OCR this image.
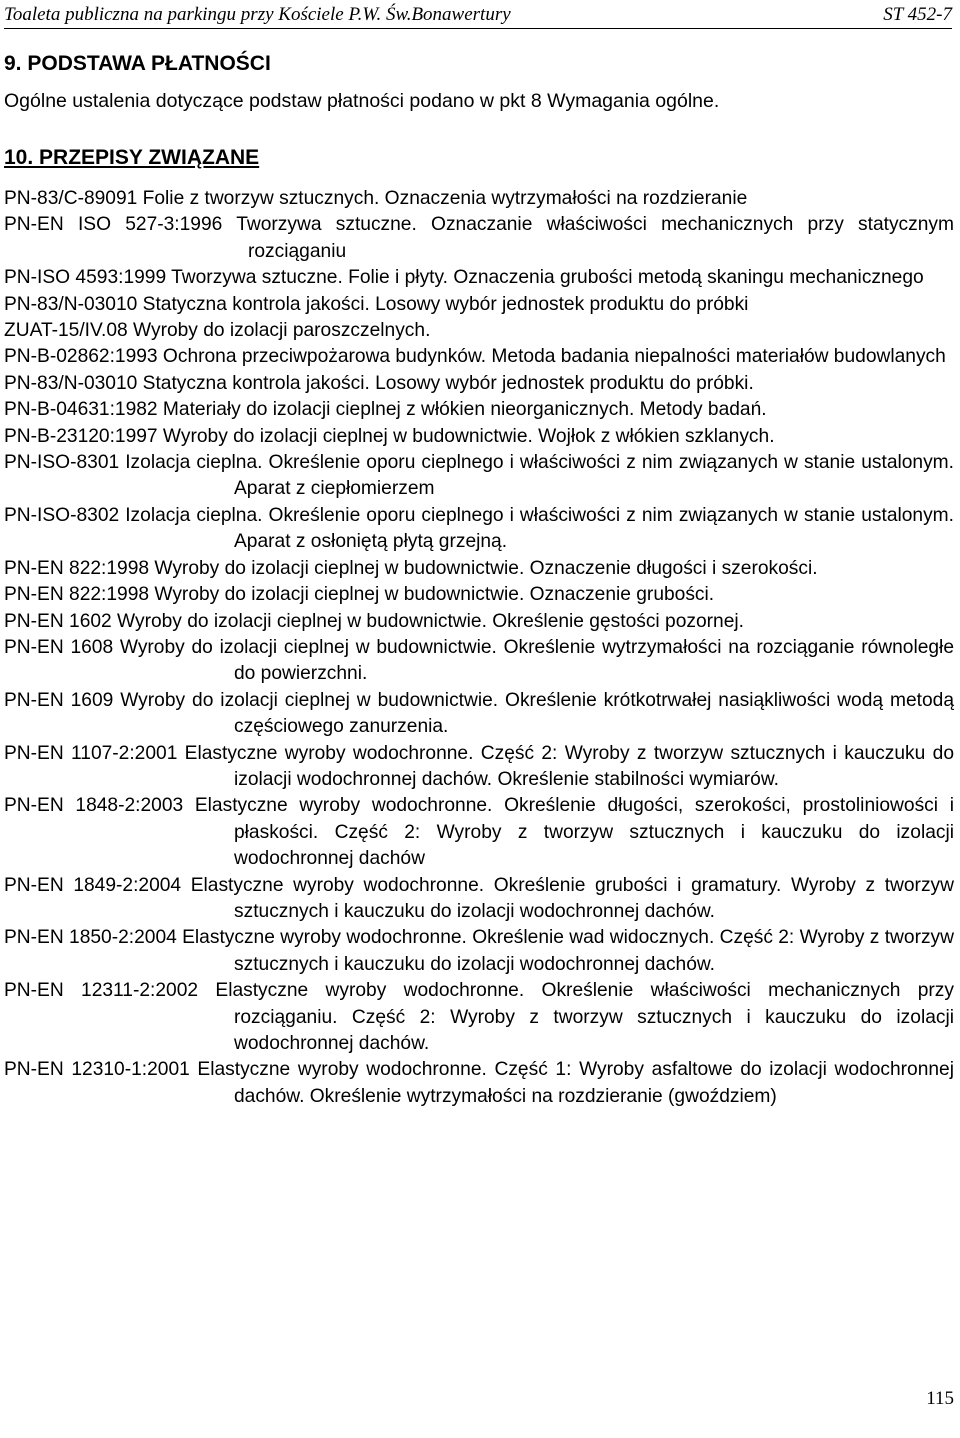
Toaleta publiczna na parkingu przy Kościele P.W. Św.Bonawertury	ST 452-7
9. PODSTAWA PŁATNOŚCI
Ogólne ustalenia dotyczące podstaw płatności podano w pkt 8 Wymagania ogólne.
10. PRZEPISY ZWIĄZANE
PN-83/C-89091 Folie z tworzyw sztucznych. Oznaczenia wytrzymałości na rozdzieranie
PN-EN ISO 527-3:1996 Tworzywa sztuczne. Oznaczanie właściwości mechanicznych przy statycznym rozciąganiu
PN-ISO 4593:1999 Tworzywa sztuczne. Folie i płyty. Oznaczenia grubości metodą skaningu mechanicznego
PN-83/N-03010 Statyczna kontrola jakości. Losowy wybór jednostek produktu do próbki
ZUAT-15/IV.08 Wyroby do izolacji paroszczelnych.
PN-B-02862:1993 Ochrona przeciwpożarowa budynków. Metoda badania niepalności materiałów budowlanych
PN-83/N-03010 Statyczna kontrola jakości. Losowy wybór jednostek produktu do próbki.
PN-B-04631:1982 Materiały do izolacji cieplnej z włókien nieorganicznych. Metody badań.
PN-B-23120:1997 Wyroby do izolacji cieplnej w budownictwie. Wojłok z włókien szklanych.
PN-ISO-8301 Izolacja cieplna. Określenie oporu cieplnego i właściwości z nim związanych w stanie ustalonym. Aparat z ciepłomierzem
PN-ISO-8302 Izolacja cieplna. Określenie oporu cieplnego i właściwości z nim związanych w stanie ustalonym. Aparat z osłoniętą płytą grzejną.
PN-EN 822:1998 Wyroby do izolacji cieplnej w budownictwie. Oznaczenie długości i szerokości.
PN-EN 822:1998 Wyroby do izolacji cieplnej w budownictwie. Oznaczenie grubości.
PN-EN 1602 Wyroby do izolacji cieplnej w budownictwie. Określenie gęstości pozornej.
PN-EN 1608 Wyroby do izolacji cieplnej w budownictwie. Określenie wytrzymałości na rozciąganie równoległe do powierzchni.
PN-EN 1609 Wyroby do izolacji cieplnej w budownictwie. Określenie krótkotrwałej nasiąkliwości wodą metodą częściowego zanurzenia.
PN-EN 1107-2:2001 Elastyczne wyroby wodochronne. Część 2: Wyroby z tworzyw sztucznych i kauczuku do izolacji wodochronnej dachów. Określenie stabilności wymiarów.
PN-EN 1848-2:2003 Elastyczne wyroby wodochronne. Określenie długości, szerokości, prostoliniowości i płaskości. Część 2: Wyroby z tworzyw sztucznych i kauczuku do izolacji wodochronnej dachów
PN-EN 1849-2:2004 Elastyczne wyroby wodochronne. Określenie grubości i gramatury. Wyroby z tworzyw sztucznych i kauczuku do izolacji wodochronnej dachów.
PN-EN 1850-2:2004 Elastyczne wyroby wodochronne. Określenie wad widocznych. Część 2: Wyroby z tworzyw sztucznych i kauczuku do izolacji wodochronnej dachów.
PN-EN 12311-2:2002 Elastyczne wyroby wodochronne. Określenie właściwości mechanicznych przy rozciąganiu. Część 2: Wyroby z tworzyw sztucznych i kauczuku do izolacji wodochronnej dachów.
PN-EN 12310-1:2001 Elastyczne wyroby wodochronne. Część 1: Wyroby asfaltowe do izolacji wodochronnej dachów. Określenie wytrzymałości na rozdzieranie (gwoździem)
115
